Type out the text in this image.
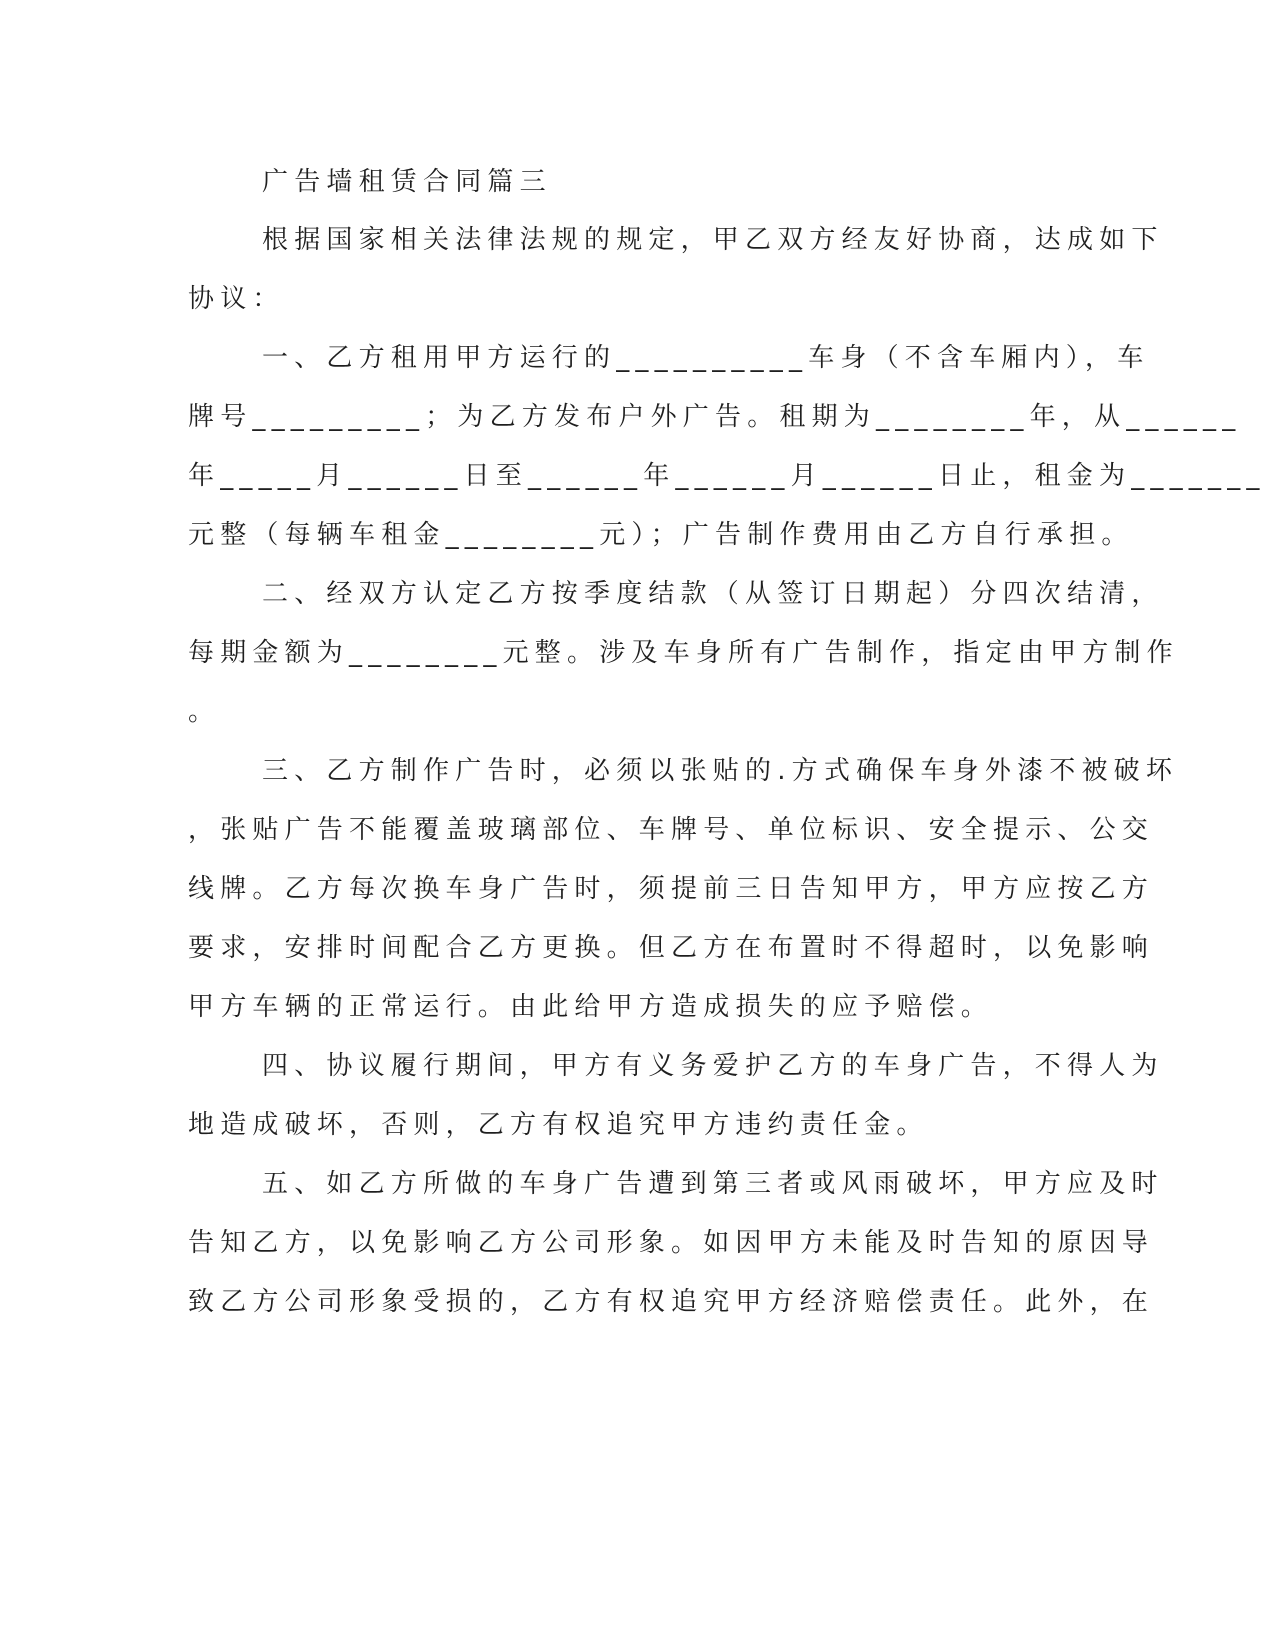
广告墙租赁合同篇三
根据国家相关法律法规的规定，甲乙双方经友好协商，达成如下
协议：
一、乙方租用甲方运行的__________车身（不含车厢内），车
牌号_________；为乙方发布户外广告。租期为________年，从______
年_____月______日至______年______月______日止，租金为_______
元整（每辆车租金________元）；广告制作费用由乙方自行承担。
二、经双方认定乙方按季度结款（从签订日期起）分四次结清，
每期金额为________元整。涉及车身所有广告制作，指定由甲方制作
。
三、乙方制作广告时，必须以张贴的.方式确保车身外漆不被破坏
，张贴广告不能覆盖玻璃部位、车牌号、单位标识、安全提示、公交
线牌。乙方每次换车身广告时，须提前三日告知甲方，甲方应按乙方
要求，安排时间配合乙方更换。但乙方在布置时不得超时，以免影响
甲方车辆的正常运行。由此给甲方造成损失的应予赔偿。
四、协议履行期间，甲方有义务爱护乙方的车身广告，不得人为
地造成破坏，否则，乙方有权追究甲方违约责任金。
五、如乙方所做的车身广告遭到第三者或风雨破坏，甲方应及时
告知乙方，以免影响乙方公司形象。如因甲方未能及时告知的原因导
致乙方公司形象受损的，乙方有权追究甲方经济赔偿责任。此外，在
